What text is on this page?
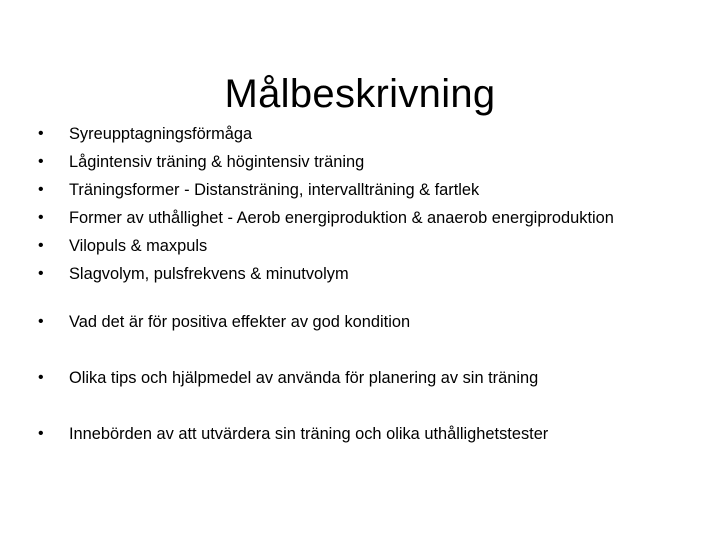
Målbeskrivning
• Syreupptagningsförmåga
• Lågintensiv träning & högintensiv träning
• Träningsformer - Distansträning, intervallträning & fartlek
• Former av uthållighet - Aerob energiproduktion & anaerob energiproduktion
• Vilopuls & maxpuls
• Slagvolym, pulsfrekvens & minutvolym
• Vad det är för positiva effekter av god kondition
• Olika tips och hjälpmedel av använda för planering av sin träning
• Innebörden av att utvärdera sin träning och olika uthållighetstester
